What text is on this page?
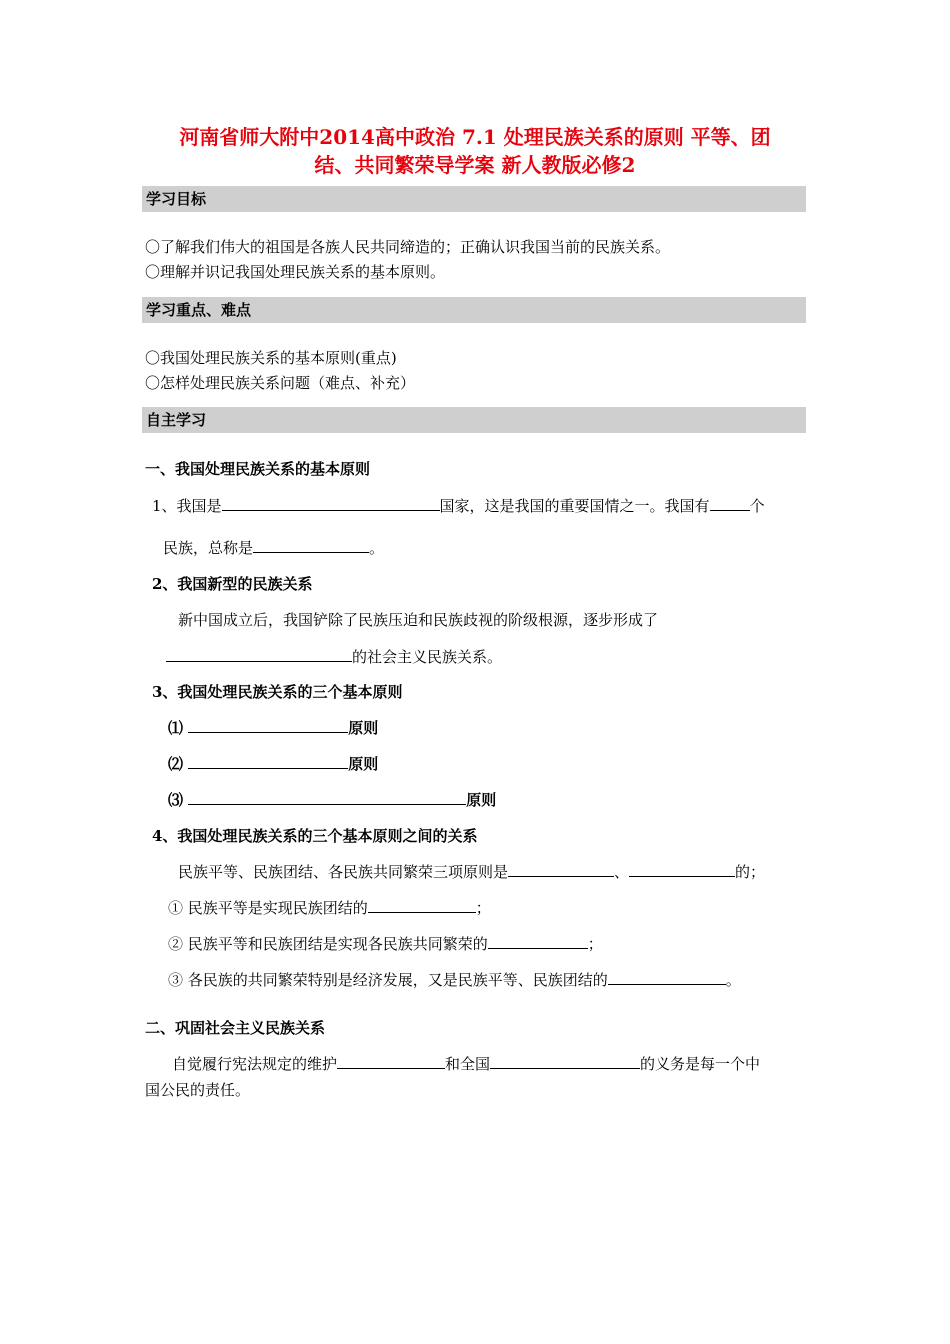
河南省师大附中2014高中政治 7.1 处理民族关系的原则 平等、团
结、共同繁荣导学案 新人教版必修2
学习目标
〇了解我们伟大的祖国是各族人民共同缔造的；正确认识我国当前的民族关系。
〇理解并识记我国处理民族关系的基本原则。
学习重点、难点
〇我国处理民族关系的基本原则(重点)
〇怎样处理民族关系问题（难点、补充）
自主学习
一、我国处理民族关系的基本原则
1、我国是	国家，这是我国的重要国情之一。我国有	个
民族，总称是	。
2、我国新型的民族关系
新中国成立后，我国铲除了民族压迫和民族歧视的阶级根源，逐步形成了
的社会主义民族关系。
3、我国处理民族关系的三个基本原则
⑴	原则
⑵	原则
⑶	原则
4、我国处理民族关系的三个基本原则之间的关系
民族平等、民族团结、各民族共同繁荣三项原则是	、	的；
① 民族平等是实现民族团结的	；
② 民族平等和民族团结是实现各民族共同繁荣的	；
③ 各民族的共同繁荣特别是经济发展，又是民族平等、民族团结的	。
二、巩固社会主义民族关系
自觉履行宪法规定的维护	和全国	的义务是每一个中
国公民的责任。
